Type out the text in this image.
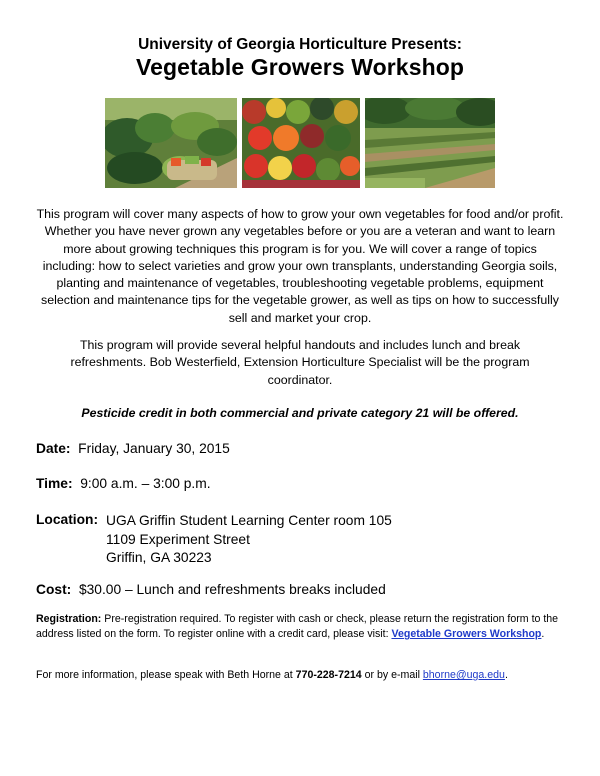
University of Georgia Horticulture Presents:
Vegetable Growers Workshop
This program will cover many aspects of how to grow your own vegetables for food and/or profit. Whether you have never grown any vegetables before or you are a veteran and want to learn more about growing techniques this program is for you. We will cover a range of topics including: how to select varieties and grow your own transplants, understanding Georgia soils, planting and maintenance of vegetables, troubleshooting vegetable problems, equipment selection and maintenance tips for the vegetable grower, as well as tips on how to successfully sell and market your crop.
This program will provide several helpful handouts and includes lunch and break refreshments. Bob Westerfield, Extension Horticulture Specialist will be the program coordinator.
Pesticide credit in both commercial and private category 21 will be offered.
Date: Friday, January 30, 2015
Time: 9:00 a.m. – 3:00 p.m.
Location: UGA Griffin Student Learning Center room 105
1109 Experiment Street
Griffin, GA 30223
Cost: $30.00 – Lunch and refreshments breaks included
Registration: Pre-registration required. To register with cash or check, please return the registration form to the address listed on the form. To register online with a credit card, please visit: Vegetable Growers Workshop.
For more information, please speak with Beth Horne at 770-228-7214 or by e-mail bhorne@uga.edu.
